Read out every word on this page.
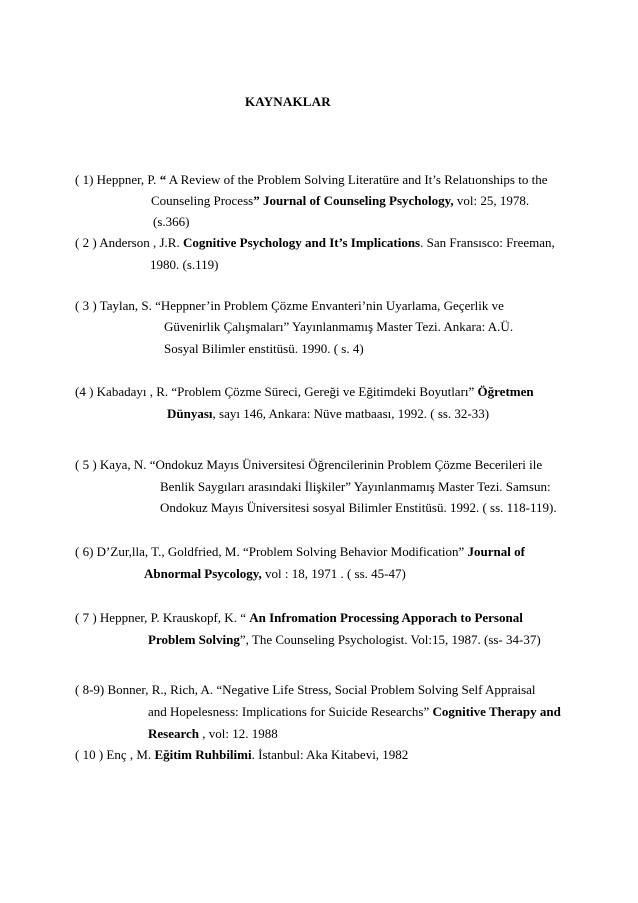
KAYNAKLAR
( 1) Heppner, P. “ A Review of the Problem Solving Literatüre and It’s Relatıonships to the
Counseling Process” Journal of Counseling Psychology, vol: 25, 1978.
(s.366)
( 2 ) Anderson , J.R. Cognitive Psychology and It’s Implications. San Fransısco: Freeman,
1980. (s.119)
( 3 ) Taylan, S. “Heppner’in Problem Çözme Envanteri’nin Uyarlama, Geçerlik ve
Güvenirlik Çalışmaları” Yayınlanmamış Master Tezi. Ankara: A.Ü.
Sosyal Bilimler enstitüsü. 1990. ( s. 4)
(4 ) Kabadayı , R. “Problem Çözme Süreci, Gereği ve Eğitimdeki Boyutları” Öğretmen
Dünyası, sayı 146, Ankara: Nüve matbaası, 1992. ( ss. 32-33)
( 5 ) Kaya, N. “Ondokuz Mayıs Üniversitesi Öğrencilerinin Problem Çözme Becerileri ile
Benlik Saygıları arasındaki İlişkiler” Yayınlanmamış Master Tezi. Samsun:
Ondokuz Mayıs Üniversitesi sosyal Bilimler Enstitüsü. 1992. ( ss. 118-119).
( 6) D’Zur,lla, T., Goldfried, M. “Problem Solving Behavior Modification” Journal of
Abnormal Psycology, vol : 18, 1971 . ( ss. 45-47)
( 7 ) Heppner, P. Krauskopf, K. “ An Infromation Processing Apporach to Personal
Problem Solving”, The Counseling Psychologist. Vol:15, 1987. (ss- 34-37)
( 8-9) Bonner, R., Rich, A. “Negative Life Stress, Social Problem Solving Self Appraisal
and Hopelesness: Implications for Suicide Researchs” Cognitive Therapy and
Research , vol: 12. 1988
( 10 ) Enç , M. Eğitim Ruhbilimi. İstanbul: Aka Kitabevi, 1982
